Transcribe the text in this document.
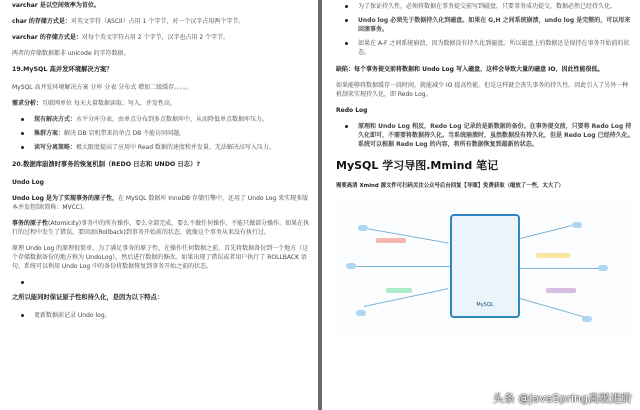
varchar 是以空间效率为首位。
char 的存储方式是：对英文字符（ASCII）占用 1 个字节，对一个汉字占用两个字节。
varchar 的存储方式是：对每个英文字符占用 2 个字节，汉字也占用 2 个字节。
两者的存储数据都非 unicode 的字符数据。
19.MySQL 高并发环境解决方案？
MySQL 高并发环境解决方案 分库 分表 分布式 增加二级缓存。。。。。
需求分析：互联网单位 每天大量数据读取、写入，并发性高。
现有解决方式：水平分库分表，由单点分布到多点数据库中，从而降低单点数据库压力。
集群方案：解决 DB 宕机带来的单点 DB 不能访问问题。
读写分离策略：极大限度提高了应用中 Read 数据的速度和并发量。无法解决高写入压力。
20.数据库崩溃时事务的恢复机制（REDO 日志和 UNDO 日志）?
Undo Log
Undo Log 是为了实现事务的原子性，在 MySQL 数据库 InnoDB 存储引擎中，还用了 Undo Log 来实现多版本并发控制(简称：MVCC)。
事务的原子性(Atomicity)事务中的所有操作，要么全部完成，要么不做任何操作，不能只做部分操作。如果在执行的过程中发生了错误，要回滚(Rollback)到事务开始前的状态，就像这个事务从来没有执行过。
原理 Undo Log 的原理很简单，为了满足事务的原子性，在操作任何数据之前，首先将数据备份到一个地方（这个存储数据备份的地方称为 UndoLog）。然后进行数据的修改。如果出现了错误或者用户执行了 ROLLBACK 语句，系统可以利用 Undo Log 中的备份将数据恢复到事务开始之前的状态。

之所以能同时保证原子性和持久化，是因为以下特点：
更新数据前记录 Undo log。
为了保证持久性，必须将数据在事务提交前写到磁盘。只要事务成功提交，数据必然已经持久化。
Undo log 必须先于数据持久化到磁盘。如果在 G,H 之间系统崩溃，undo log 是完整的，可以用来回滚事务。
如果在 A-F 之间系统崩溃，因为数据没有持久化到磁盘。所以磁盘上的数据还是保持在事务开始前的状态。
缺陷：每个事务提交前将数据和 Undo Log 写入磁盘，这样会导致大量的磁盘 IO，因此性能很低。
如果能够将数据缓存一段时间，就能减少 IO 提高性能。但是这样就会丧失事务的持久性。因此引入了另外一种机制来实现持久化，即 Redo Log。
Redo Log
原理和 Undo Log 相反，Redo Log 记录的是新数据的备份。在事务提交前，只要将 Redo Log 持久化即可，不需要将数据持久化。当系统崩溃时，虽然数据没有持久化，但是 Redo Log 已经持久化。系统可以根据 Redo Log 的内容，将所有数据恢复到最新的状态。
MySQL 学习导图.Mmind 笔记
需要高清 Xmind 源文件可扫码关注公众号后台回复【导图】免费获取（缩放了一些，太大了）
MySQL
头条 @JavaSpring高级进阶
